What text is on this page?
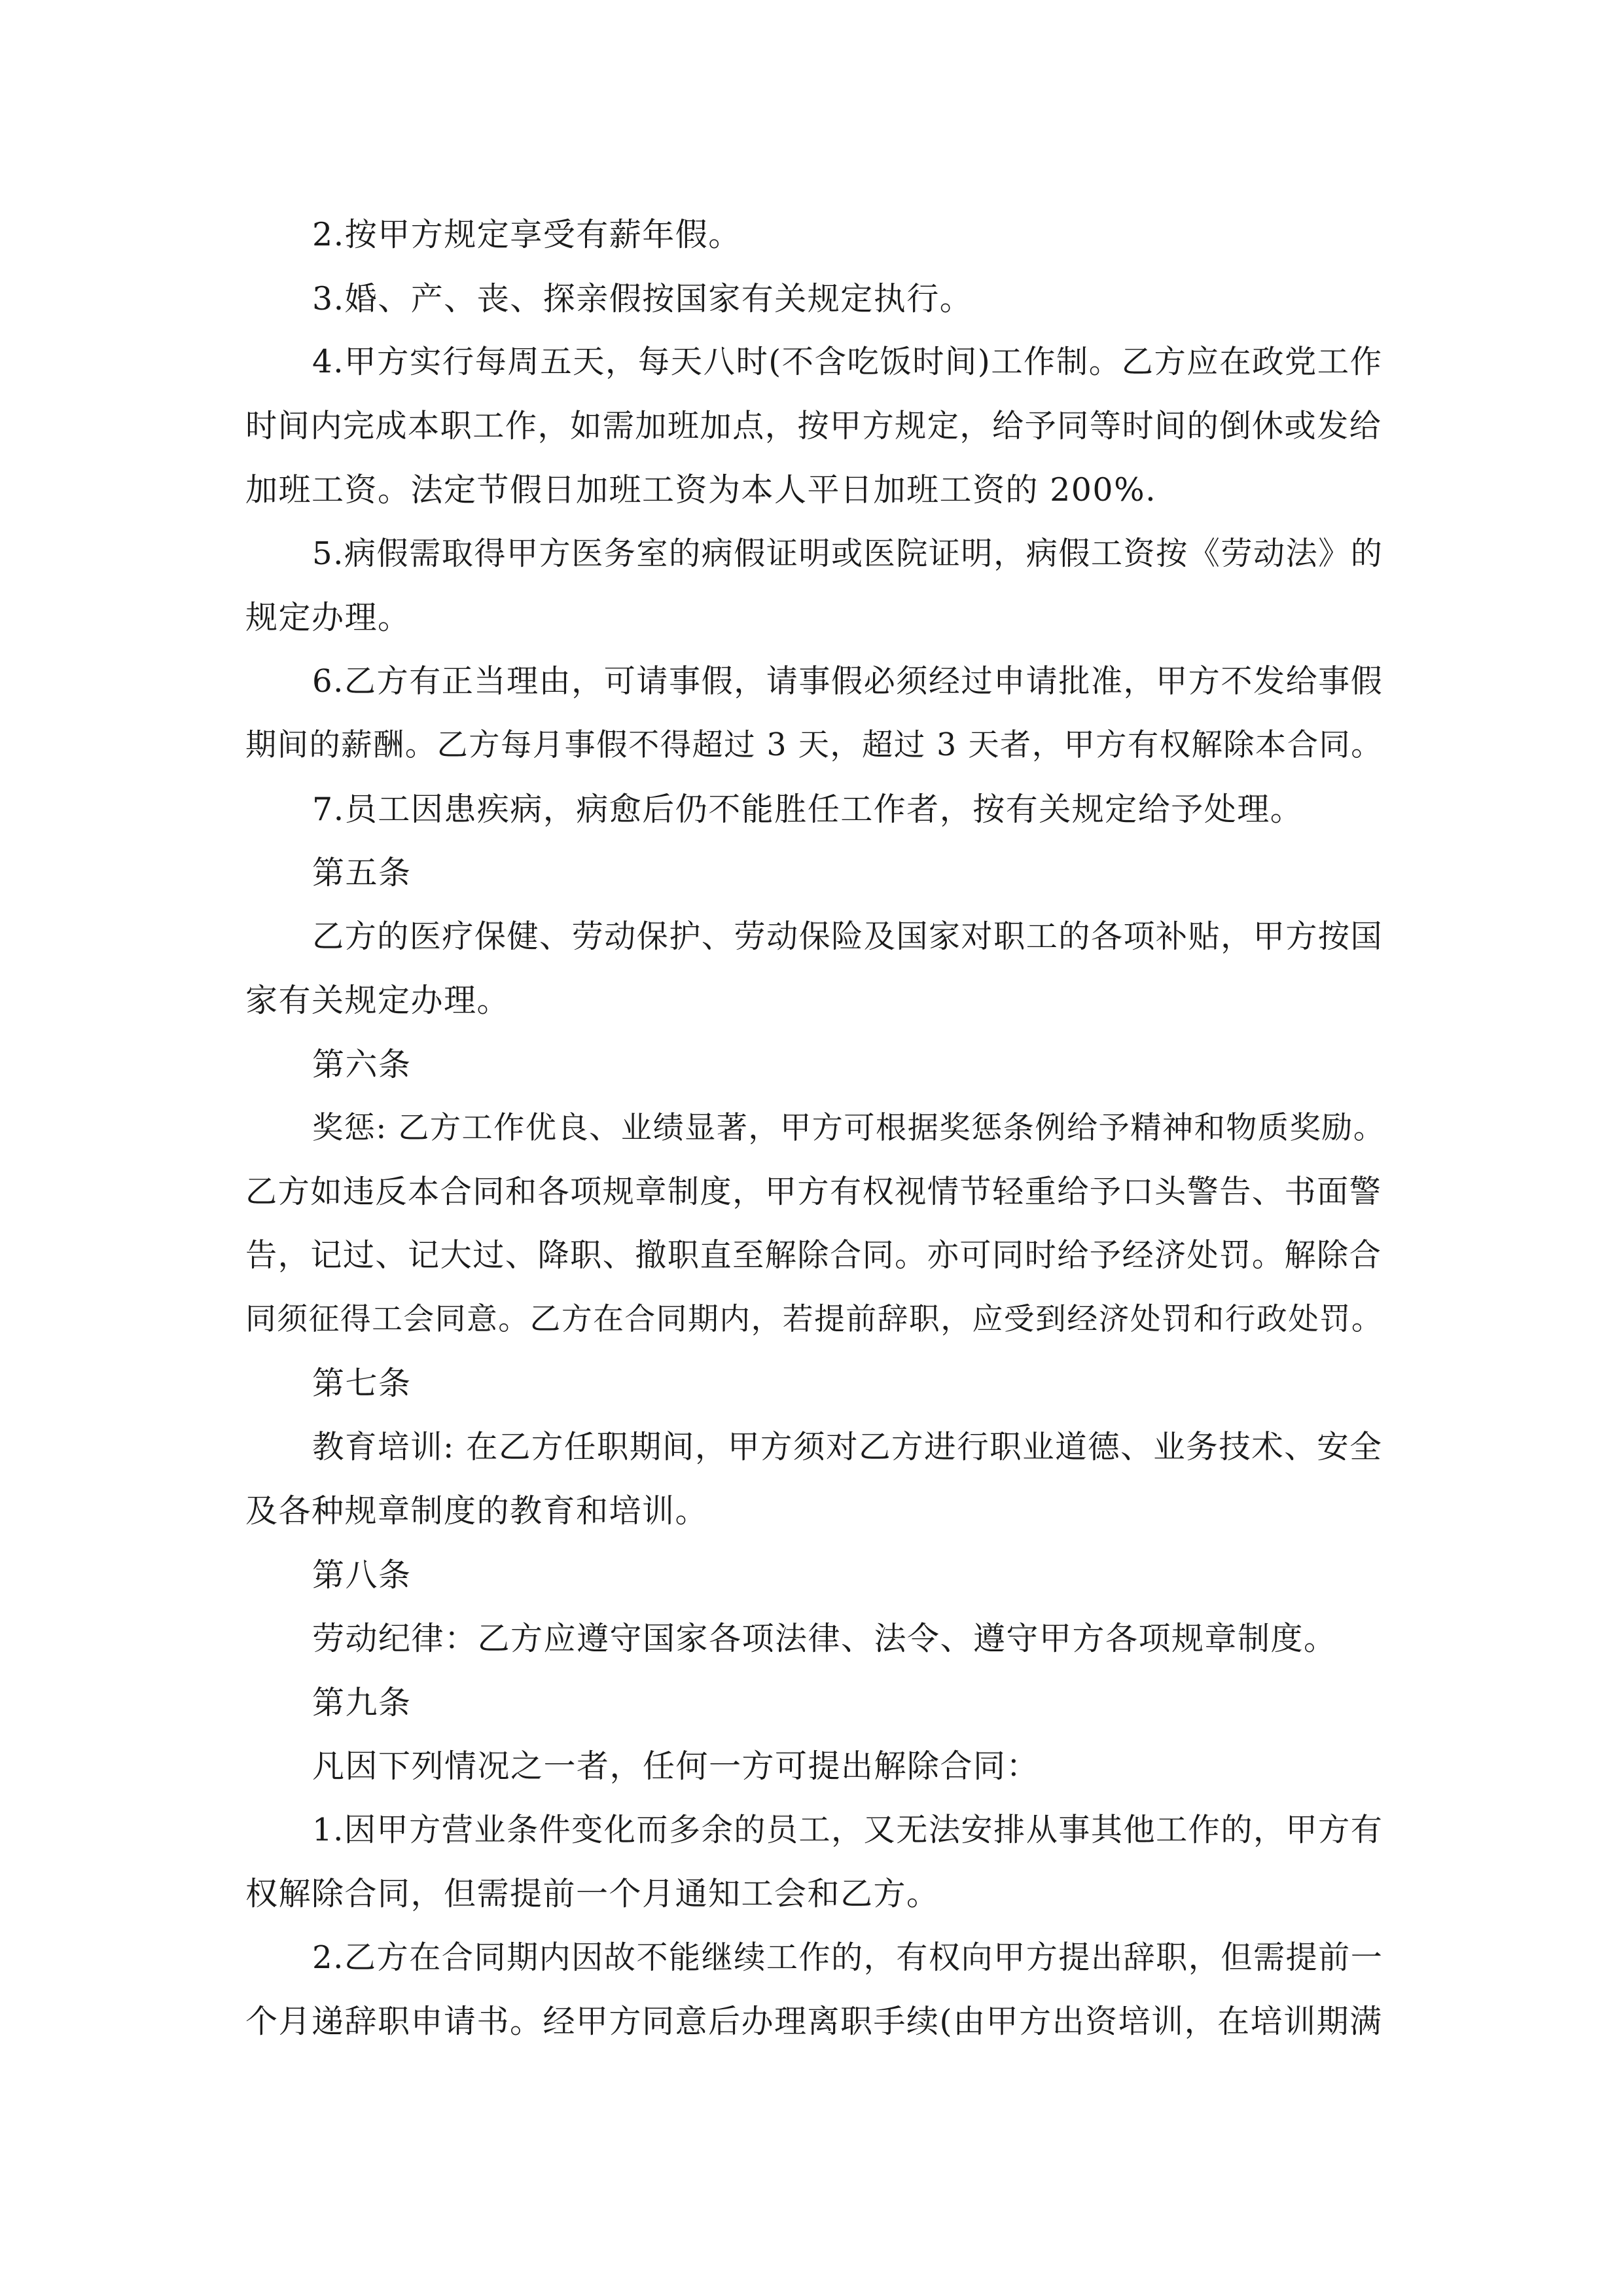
2.按甲方规定享受有薪年假。
3.婚、产、丧、探亲假按国家有关规定执行。
4.甲方实行每周五天，每天八时(不含吃饭时间)工作制。乙方应在政党工作
时间内完成本职工作，如需加班加点，按甲方规定，给予同等时间的倒休或发给
加班工资。法定节假日加班工资为本人平日加班工资的 200%.
5.病假需取得甲方医务室的病假证明或医院证明，病假工资按《劳动法》的
规定办理。
6.乙方有正当理由，可请事假，请事假必须经过申请批准，甲方不发给事假
期间的薪酬。乙方每月事假不得超过 3 天，超过 3 天者，甲方有权解除本合同。
7.员工因患疾病，病愈后仍不能胜任工作者，按有关规定给予处理。
第五条
乙方的医疗保健、劳动保护、劳动保险及国家对职工的各项补贴，甲方按国
家有关规定办理。
第六条
奖惩: 乙方工作优良、业绩显著，甲方可根据奖惩条例给予精神和物质奖励。
乙方如违反本合同和各项规章制度，甲方有权视情节轻重给予口头警告、书面警
告，记过、记大过、降职、撤职直至解除合同。亦可同时给予经济处罚。解除合
同须征得工会同意。乙方在合同期内，若提前辞职，应受到经济处罚和行政处罚。
第七条
教育培训: 在乙方任职期间，甲方须对乙方进行职业道德、业务技术、安全
及各种规章制度的教育和培训。
第八条
劳动纪律：乙方应遵守国家各项法律、法令、遵守甲方各项规章制度。
第九条
凡因下列情况之一者，任何一方可提出解除合同：
1.因甲方营业条件变化而多余的员工，又无法安排从事其他工作的，甲方有
权解除合同，但需提前一个月通知工会和乙方。
2.乙方在合同期内因故不能继续工作的，有权向甲方提出辞职，但需提前一
个月递辞职申请书。经甲方同意后办理离职手续(由甲方出资培训，在培训期满
